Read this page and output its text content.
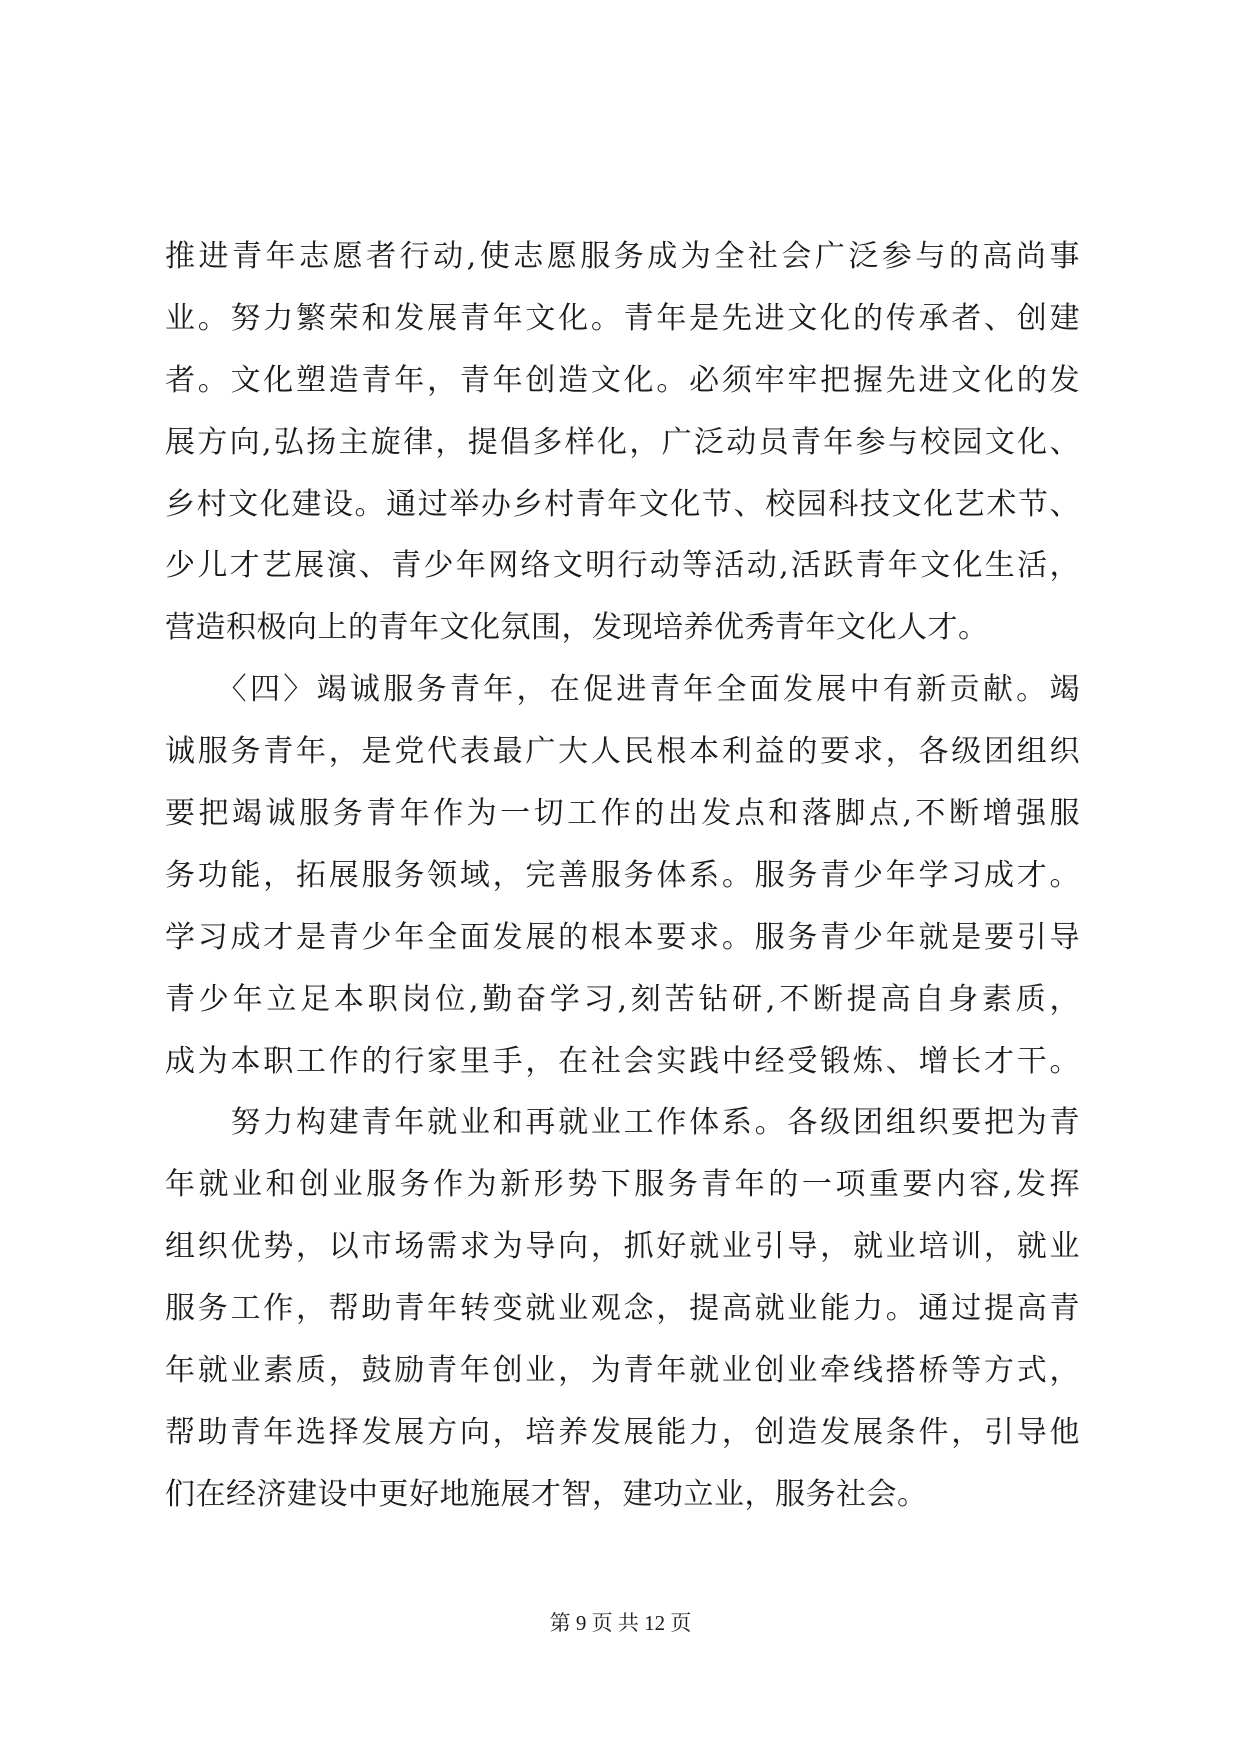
推进青年志愿者行动,使志愿服务成为全社会广泛参与的高尚事
业。努力繁荣和发展青年文化。青年是先进文化的传承者、创建
者。文化塑造青年，青年创造文化。必须牢牢把握先进文化的发
展方向,弘扬主旋律，提倡多样化，广泛动员青年参与校园文化、
乡村文化建设。通过举办乡村青年文化节、校园科技文化艺术节、
少儿才艺展演、青少年网络文明行动等活动,活跃青年文化生活，
营造积极向上的青年文化氛围，发现培养优秀青年文化人才。
　　〈四〉竭诚服务青年，在促进青年全面发展中有新贡献。竭
诚服务青年，是党代表最广大人民根本利益的要求，各级团组织
要把竭诚服务青年作为一切工作的出发点和落脚点,不断增强服
务功能，拓展服务领域，完善服务体系。服务青少年学习成才。
学习成才是青少年全面发展的根本要求。服务青少年就是要引导
青少年立足本职岗位,勤奋学习,刻苦钻研,不断提高自身素质，
成为本职工作的行家里手，在社会实践中经受锻炼、增长才干。
　　努力构建青年就业和再就业工作体系。各级团组织要把为青
年就业和创业服务作为新形势下服务青年的一项重要内容,发挥
组织优势，以市场需求为导向，抓好就业引导，就业培训，就业
服务工作，帮助青年转变就业观念，提高就业能力。通过提高青
年就业素质，鼓励青年创业，为青年就业创业牵线搭桥等方式，
帮助青年选择发展方向，培养发展能力，创造发展条件，引导他
们在经济建设中更好地施展才智，建功立业，服务社会。
第 9 页 共 12 页
